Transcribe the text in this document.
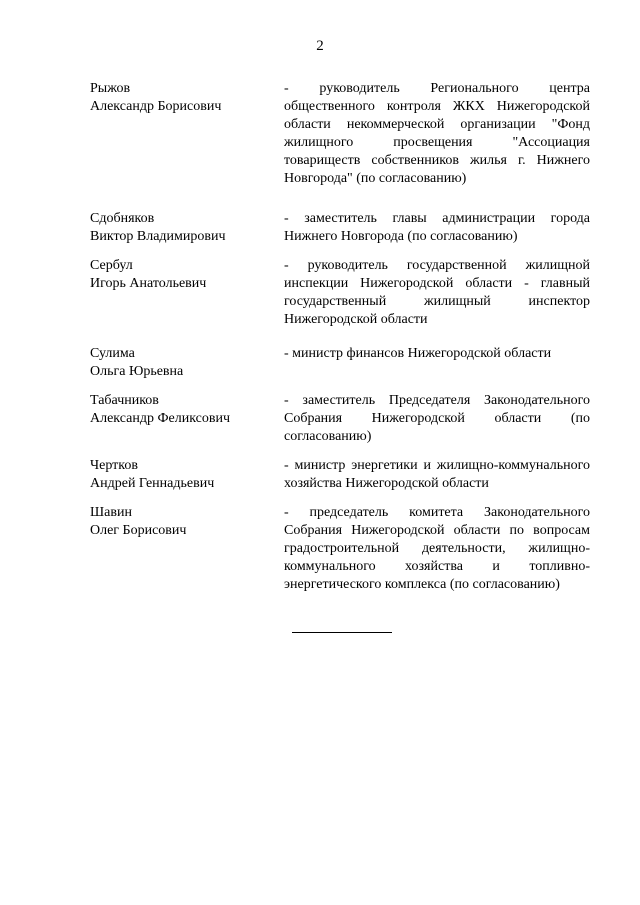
2
Рыжов
Александр Борисович
- руководитель Регионального центра общественного контроля ЖКХ Нижегородской области некоммерческой организации "Фонд жилищного просвещения "Ассоциация товариществ собственников жилья г. Нижнего Новгорода" (по согласованию)
Сдобняков
Виктор Владимирович
- заместитель главы администрации города Нижнего Новгорода (по согласованию)
Сербул
Игорь Анатольевич
- руководитель государственной жилищной инспекции Нижегородской области - главный государственный жилищный инспектор Нижегородской области
Сулима
Ольга Юрьевна
- министр финансов Нижегородской области
Табачников
Александр Феликсович
- заместитель Председателя Законодательного Собрания Нижегородской области (по согласованию)
Чертков
Андрей Геннадьевич
- министр энергетики и жилищно-коммунального хозяйства Нижегородской области
Шавин
Олег Борисович
- председатель комитета Законодательного Собрания Нижегородской области по вопросам градостроительной деятельности, жилищно-коммунального хозяйства и топливно-энергетического комплекса (по согласованию)
